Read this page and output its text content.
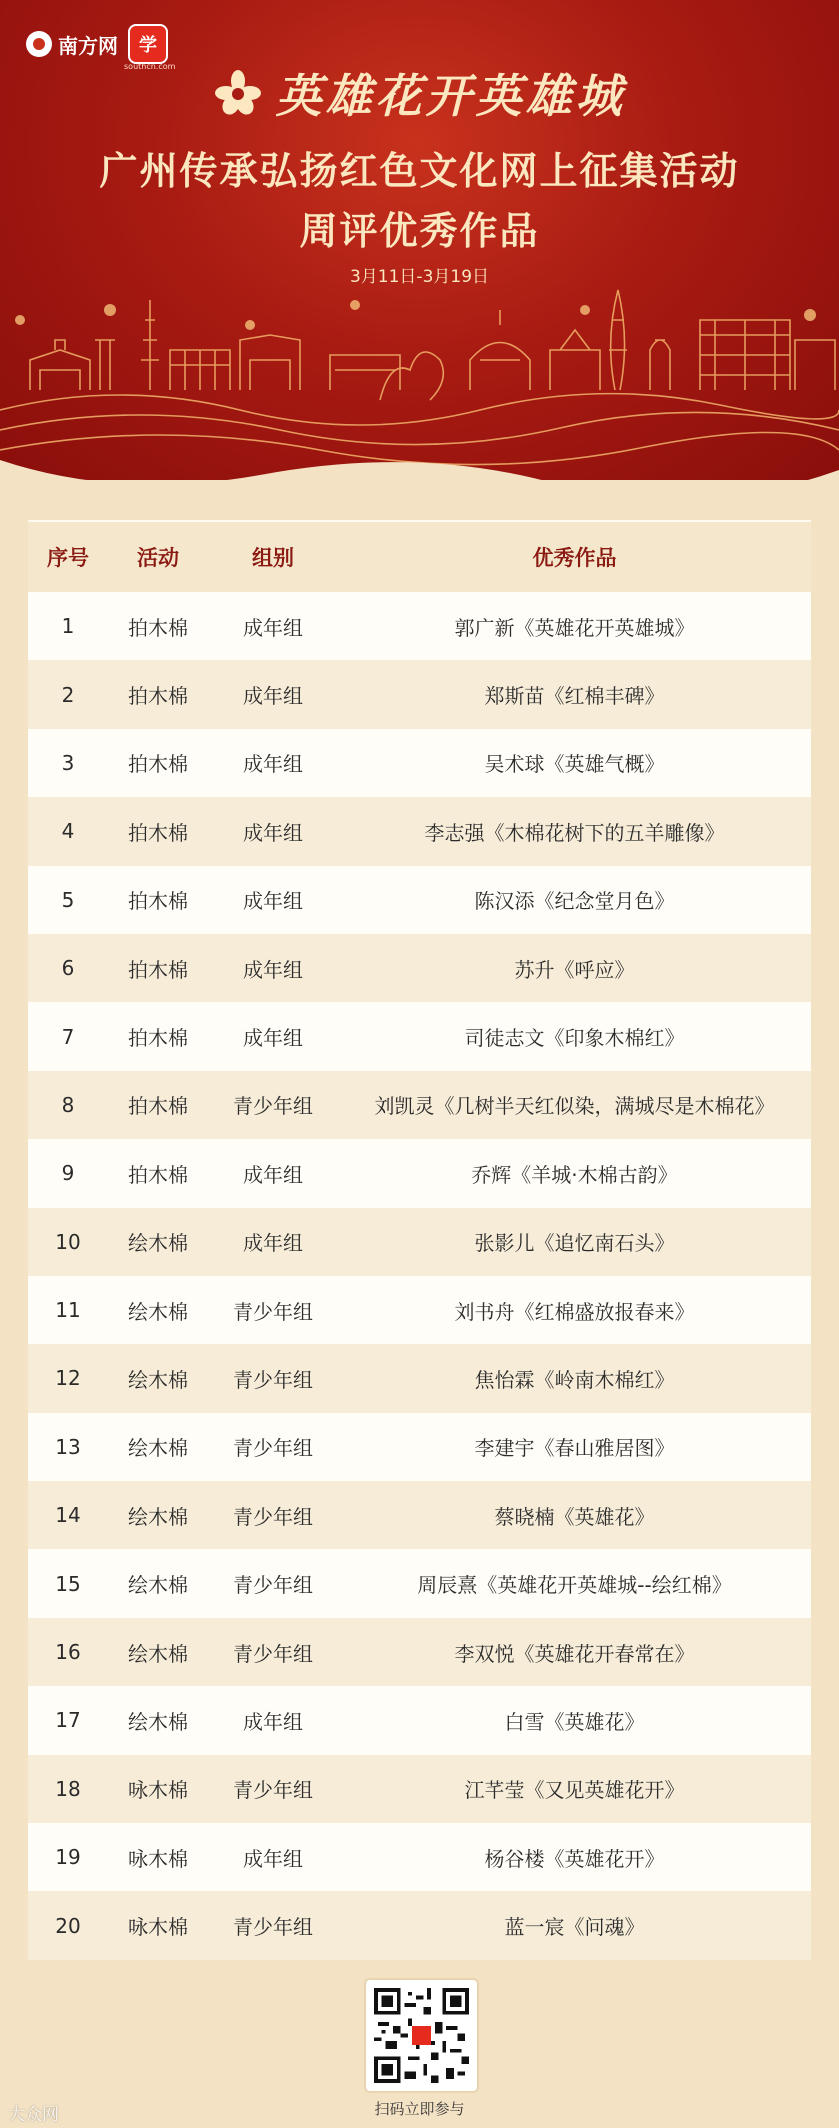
南方网	学
southcn.com
英雄花开英雄城
广州传承弘扬红色文化网上征集活动
周评优秀作品
3月11日-3月19日
序号	活动	组别	优秀作品
1	拍木棉	成年组	郭广新《英雄花开英雄城》
2	拍木棉	成年组	郑斯苗《红棉丰碑》
3	拍木棉	成年组	吴术球《英雄气概》
4	拍木棉	成年组	李志强《木棉花树下的五羊雕像》
5	拍木棉	成年组	陈汉添《纪念堂月色》
6	拍木棉	成年组	苏升《呼应》
7	拍木棉	成年组	司徒志文《印象木棉红》
8	拍木棉	青少年组	刘凯灵《几树半天红似染，满城尽是木棉花》
9	拍木棉	成年组	乔辉《羊城·木棉古韵》
10	绘木棉	成年组	张影儿《追忆南石头》
11	绘木棉	青少年组	刘书舟《红棉盛放报春来》
12	绘木棉	青少年组	焦怡霖《岭南木棉红》
13	绘木棉	青少年组	李建宇《春山雅居图》
14	绘木棉	青少年组	蔡晓楠《英雄花》
15	绘木棉	青少年组	周辰熹《英雄花开英雄城--绘红棉》
16	绘木棉	青少年组	李双悦《英雄花开春常在》
17	绘木棉	成年组	白雪《英雄花》
18	咏木棉	青少年组	江芊莹《又见英雄花开》
19	咏木棉	成年组	杨谷楼《英雄花开》
20	咏木棉	青少年组	蓝一宸《问魂》
扫码立即参与
大众网
